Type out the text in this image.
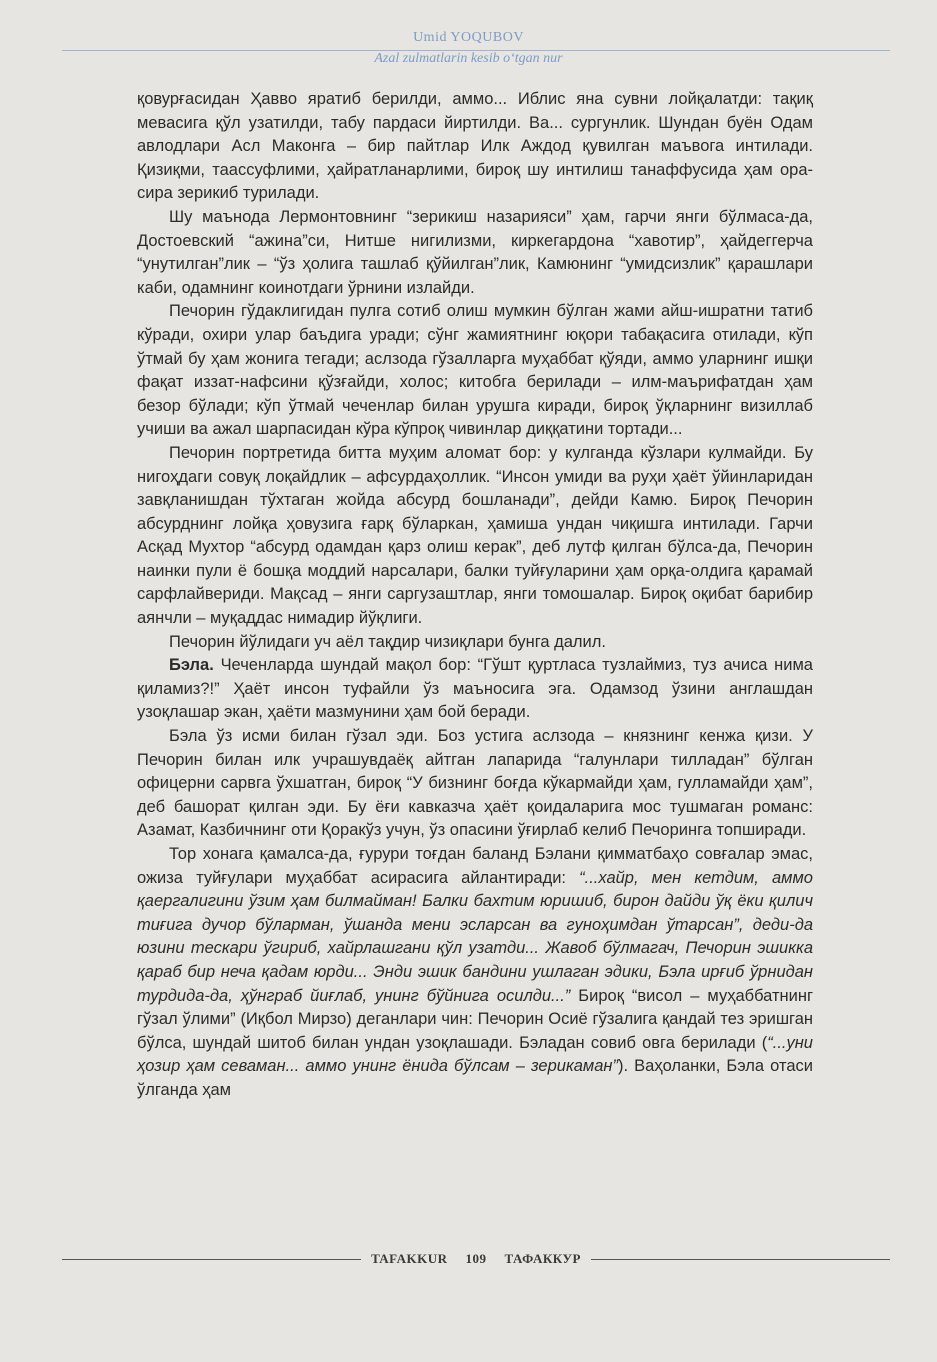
Umid YOQUBOV
Azal zulmatlarin kesib o‘tgan nur

қовурғасидан Ҳавво яратиб берилди, аммо... Иблис яна сувни лойқалатди: тақиқ мевасига қўл узатилди, табу пардаси йиртилди. Ва... сургунлик. Шундан буён Одам авлодлари Асл Маконга – бир пайтлар Илк Аждод қувилган маъвога интилади. Қизиқми, таассуфлими, ҳайратланарлими, бироқ шу интилиш танаффусида ҳам ора-сира зерикиб турилади.

Шу маънода Лермонтовнинг “зерикиш назарияси” ҳам, гарчи янги бўлмаса-да, Достоевский “ажина”си, Нитше нигилизми, киркегардона “хавотир”, ҳайдеггерча “унутилган”лик – “ўз ҳолига ташлаб қўйилган”лик, Камюнинг “умидсизлик” қарашлари каби, одамнинг коинотдаги ўрнини излайди.

Печорин гўдаклигидан пулга сотиб олиш мумкин бўлган жами айш-ишратни татиб кўради, охири улар баъдига уради; сўнг жамиятнинг юқори табақасига отилади, кўп ўтмай бу ҳам жонига тегади; аслзода гўзалларга муҳаббат қўяди, аммо уларнинг ишқи фақат иззат-нафсини қўзғайди, холос; китобга берилади – илм-маърифатдан ҳам безор бўлади; кўп ўтмай чеченлар билан урушга киради, бироқ ўқларнинг визиллаб учиши ва ажал шарпасидан кўра кўпроқ чивинлар диққатини тортади...

Печорин портретида битта муҳим аломат бор: у кулганда кўзлари кулмайди. Бу нигоҳдаги совуқ лоқайдлик – афсурдаҳоллик. “Инсон умиди ва руҳи ҳаёт ўйинларидан завқланишдан тўхтаган жойда абсурд бошланади”, дейди Камю. Бироқ Печорин абсурднинг лойқа ҳовузига ғарқ бўларкан, ҳамиша ундан чиқишга интилади. Гарчи Асқад Мухтор “абсурд одамдан қарз олиш керак”, деб лутф қилган бўлса-да, Печорин наинки пули ё бошқа моддий нарсалари, балки туйғуларини ҳам орқа-олдига қарамай сарфлайвериди. Мақсад – янги саргузаштлар, янги томошалар. Бироқ оқибат барибир аянчли – муқаддас нимадир йўқлиги.

Печорин йўлидаги уч аёл тақдир чизиқлари бунга далил.

Бэла. Чеченларда шундай мақол бор: “Гўшт қуртласа тузлаймиз, туз ачиса нима қиламиз?!” Ҳаёт инсон туфайли ўз маъносига эга. Одамзод ўзини англашдан узоқлашар экан, ҳаёти мазмунини ҳам бой беради.

Бэла ўз исми билан гўзал эди. Боз устига аслзода – князнинг кенжа қизи. У Печорин билан илк учрашувдаёқ айтган лапарида “галунлари тилладан” бўлган офицерни сарвга ўхшатган, бироқ “У бизнинг боғда кўкармайди ҳам, гулламайди ҳам”, деб башорат қилган эди. Бу ёғи кавказча ҳаёт қоидаларига мос тушмаган романс: Азамат, Казбичнинг оти Қоракўз учун, ўз опасини ўғирлаб келиб Печоринга топширади.

Тор хонага қамалса-да, ғурури тоғдан баланд Бэлани қимматбаҳо совғалар эмас, ожиза туйғулари муҳаббат асирасига айлантиради: “...хайр, мен кетдим, аммо қаергалигини ўзим ҳам билмайман! Балки бахтим юришиб, бирон дайди ўқ ёки қилич тиғига дучор бўларман, ўшанда мени эсларсан ва гуноҳимдан ўтарсан”, деди-да юзини тескари ўгириб, хайрлашгани қўл узатди... Жавоб бўлмагач, Печорин эшикка қараб бир неча қадам юрди... Энди эшик бандини ушлаган эдики, Бэла ирғиб ўрнидан турдида-да, ҳўнграб йиғлаб, унинг бўйнига осилди...” Бироқ “висол – муҳаббатнинг гўзал ўлими” (Иқбол Мирзо) деганлари чин: Печорин Осиё гўзалига қандай тез эришган бўлса, шундай шитоб билан ундан узоқлашади. Бэладан совиб овга берилади (“...уни ҳозир ҳам севаман... аммо унинг ёнида бўлсам – зерикаман”). Ваҳоланки, Бэла отаси ўлганда ҳам

TAFAKKUR	109	ТАФАККУР
